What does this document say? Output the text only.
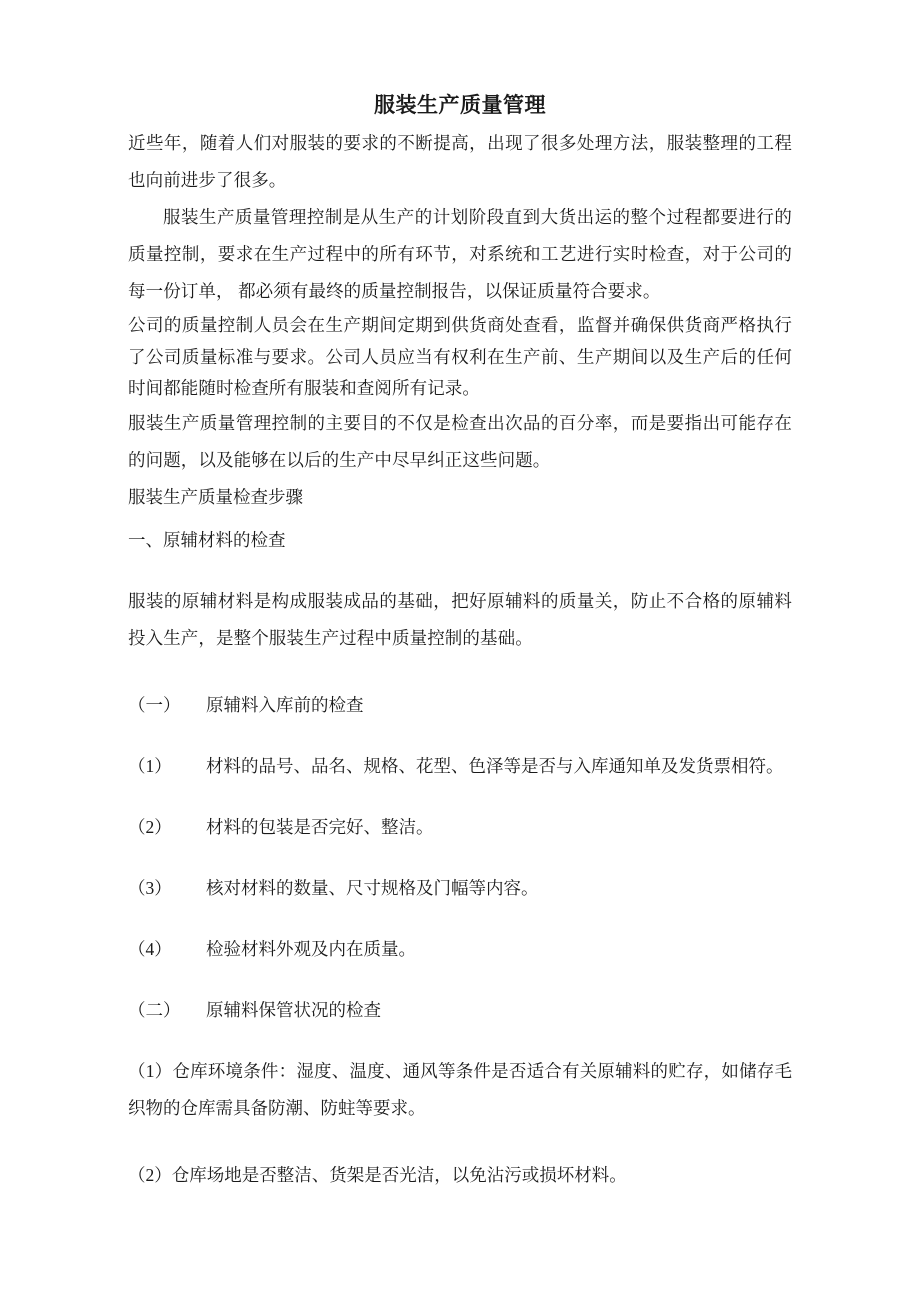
服装生产质量管理

近些年，随着人们对服装的要求的不断提高，出现了很多处理方法，服装整理的工程也向前进步了很多。

服装生产质量管理控制是从生产的计划阶段直到大货出运的整个过程都要进行的质量控制，要求在生产过程中的所有环节，对系统和工艺进行实时检查，对于公司的每一份订单， 都必须有最终的质量控制报告，以保证质量符合要求。

公司的质量控制人员会在生产期间定期到供货商处查看，监督并确保供货商严格执行了公司质量标准与要求。公司人员应当有权利在生产前、生产期间以及生产后的任何时间都能随时检查所有服装和查阅所有记录。

服装生产质量管理控制的主要目的不仅是检查出次品的百分率，而是要指出可能存在的问题，以及能够在以后的生产中尽早纠正这些问题。

服装生产质量检查步骤

一、原辅材料的检查

服装的原辅材料是构成服装成品的基础，把好原辅料的质量关，防止不合格的原辅料投入生产，是整个服装生产过程中质量控制的基础。

（一）	原辅料入库前的检查
（1）	材料的品号、品名、规格、花型、色泽等是否与入库通知单及发货票相符。
（2）	材料的包装是否完好、整洁。
（3）	核对材料的数量、尺寸规格及门幅等内容。
（4）	检验材料外观及内在质量。
（二）	原辅料保管状况的检查

（1）仓库环境条件：湿度、温度、通风等条件是否适合有关原辅料的贮存，如储存毛织物的仓库需具备防潮、防蛀等要求。

（2）仓库场地是否整洁、货架是否光洁，以免沾污或损坏材料。
